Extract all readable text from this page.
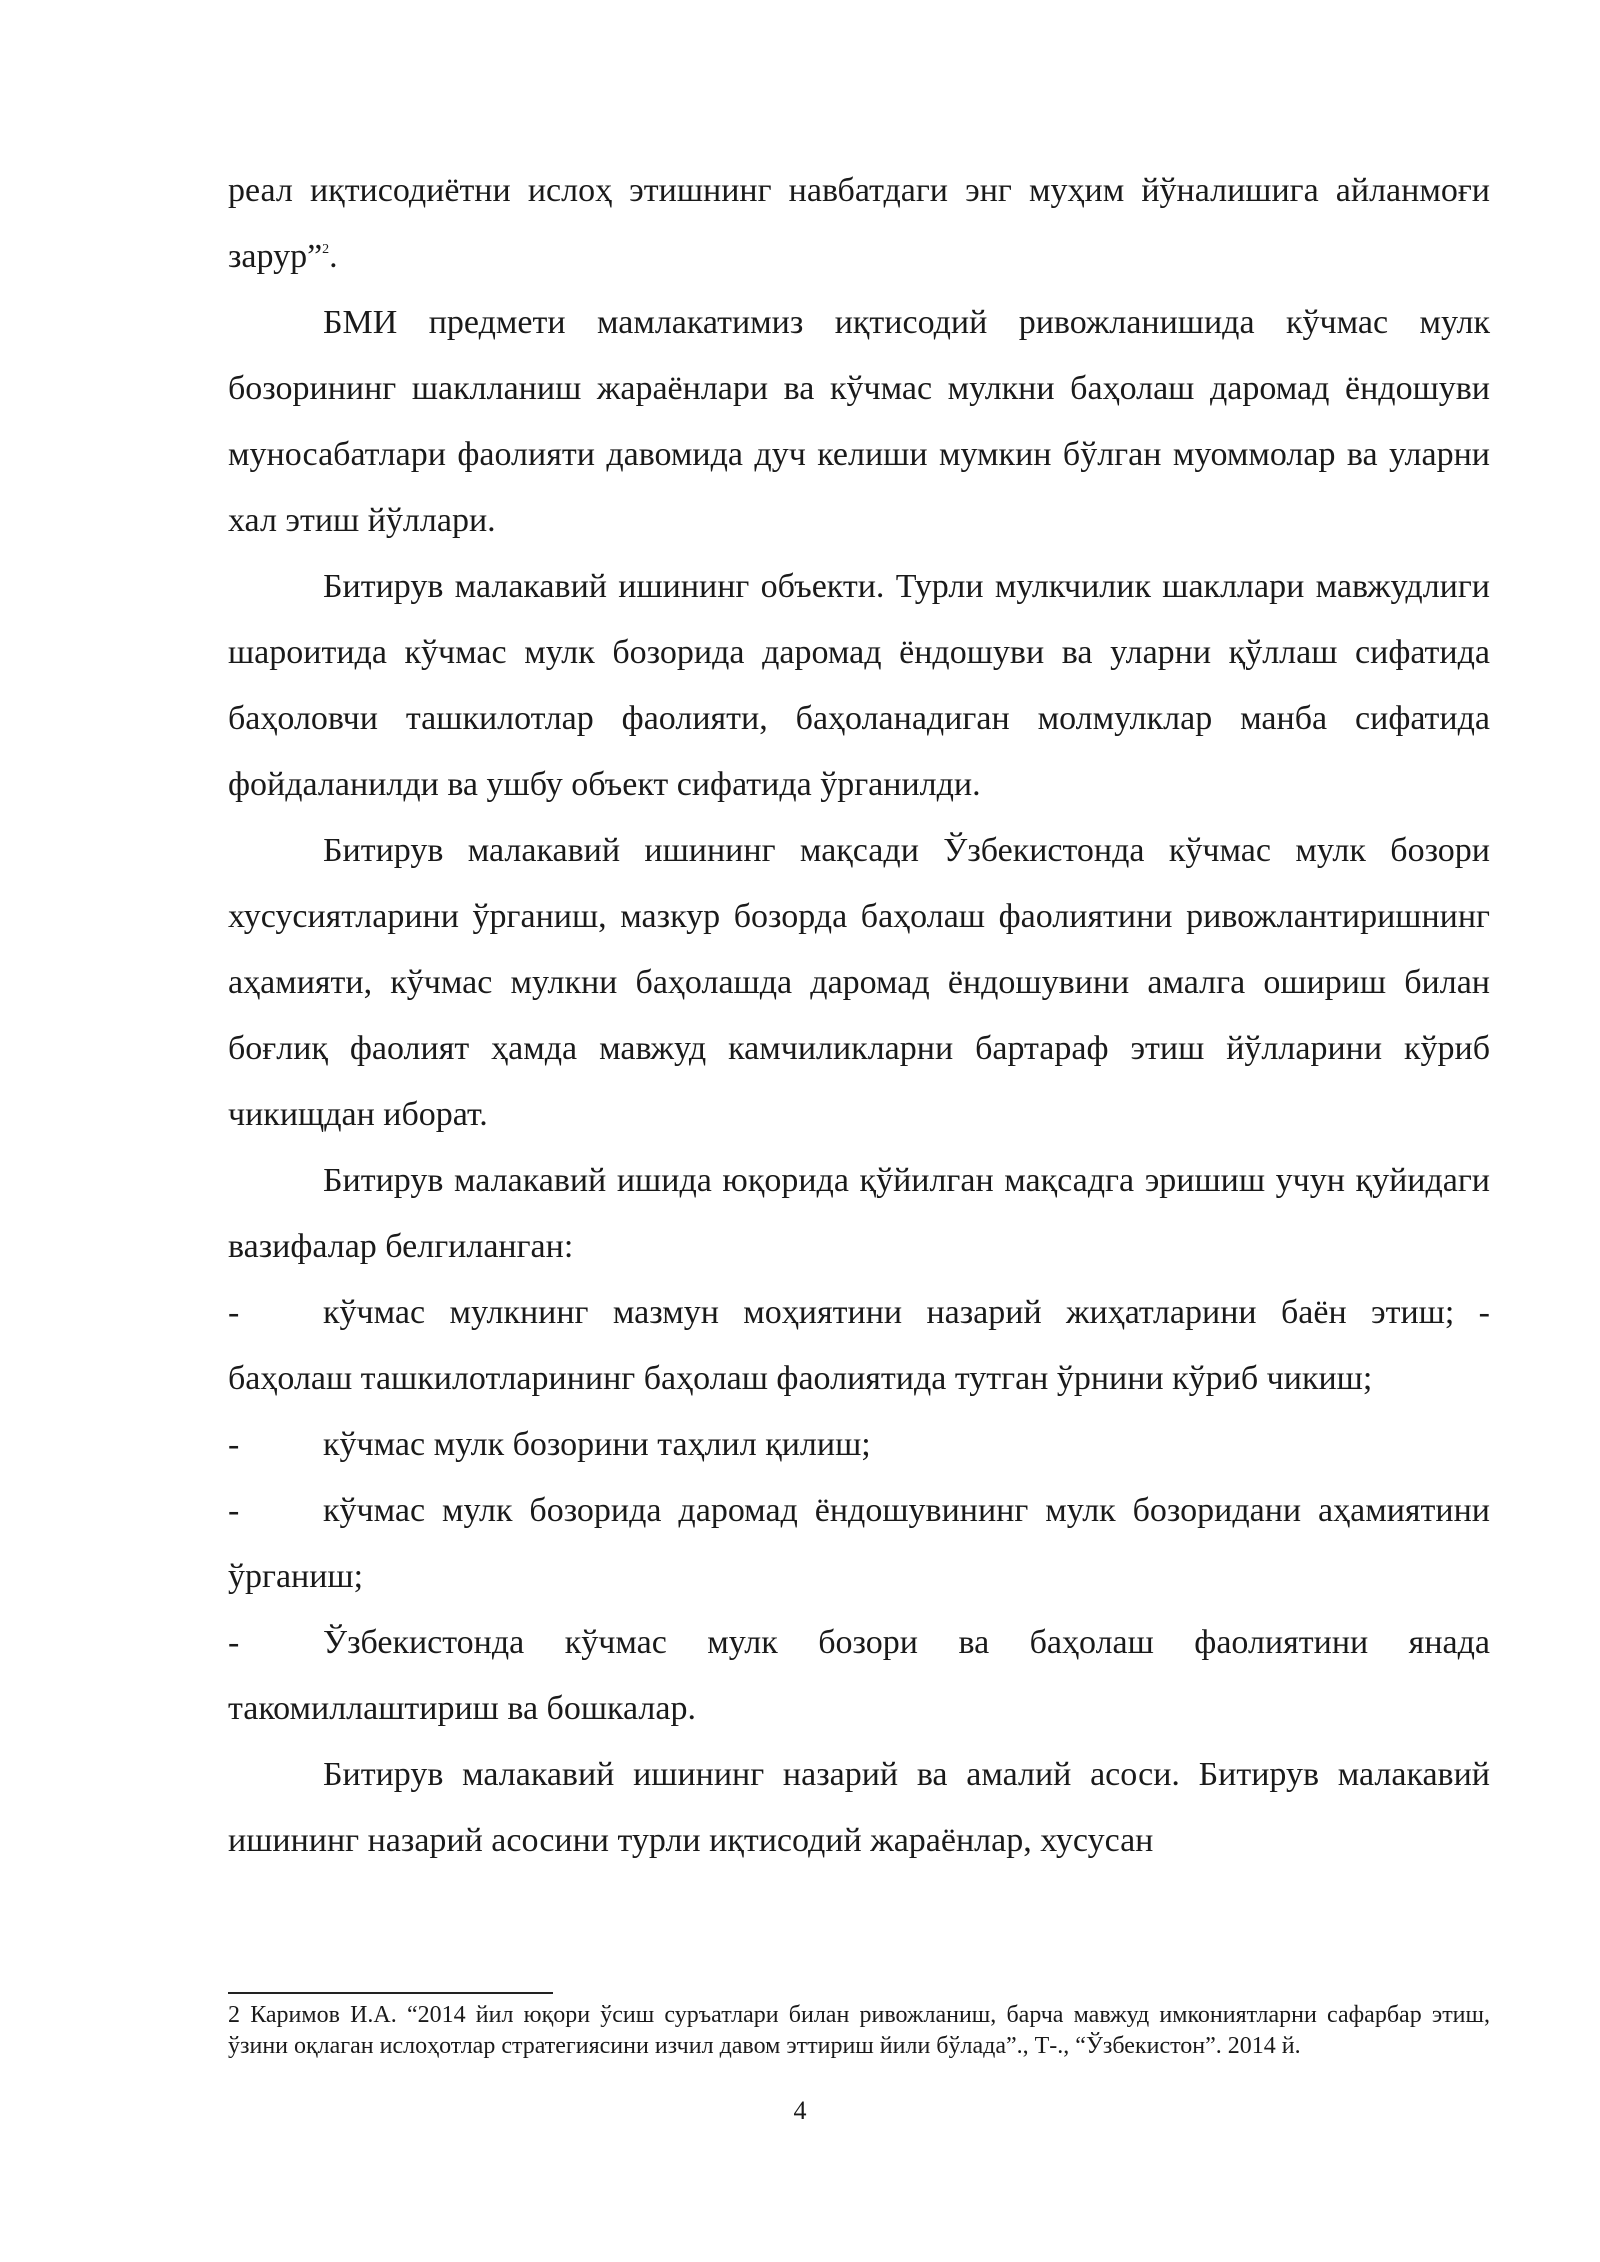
реал иқтисодиётни ислоҳ этишнинг навбатдаги энг муҳим йўналишига айланмоғи зарур”$^2$.

БМИ предмети мамлакатимиз иқтисодий ривожланишида кўчмас мулк бозорининг шаклланиш жараёнлари ва кўчмас мулкни баҳолаш даромад ёндошуви муносабатлари фаолияти давомида дуч келиши мумкин бўлган муоммолар ва уларни хал этиш йўллари.

Битирув малакавий ишининг объекти. Турли мулкчилик шакллари мавжудлиги шароитида кўчмас мулк бозорида даромад ёндошуви ва уларни қўллаш сифатида баҳоловчи ташкилотлар фаолияти, баҳоланадиган молмулклар манба сифатида фойдаланилди ва ушбу объект сифатида ўрганилди.

Битирув малакавий ишининг мақсади Ўзбекистонда кўчмас мулк бозори хусусиятларини ўрганиш, мазкур бозорда баҳолаш фаолиятини ривожлантиришнинг аҳамияти, кўчмас мулкни баҳолашда даромад ёндошувини амалга ошириш билан боғлиқ фаолият ҳамда мавжуд камчиликларни бартараф этиш йўлларини кўриб чикищдан иборат.

Битирув малакавий ишида юқорида қўйилган мақсадга эришиш учун қуйидаги вазифалар белгиланган:

- кўчмас мулкнинг мазмун моҳиятини назарий жиҳатларини баён этиш; - баҳолаш ташкилотларининг баҳолаш фаолиятида тутган ўрнини кўриб чикиш;

- кўчмас мулк бозорини таҳлил қилиш;

- кўчмас мулк бозорида даромад ёндошувининг мулк бозоридани аҳамиятини ўрганиш;

- Ўзбекистонда кўчмас мулк бозори ва баҳолаш фаолиятини янада такомиллаштириш ва бошкалар.

Битирув малакавий ишининг назарий ва амалий асоси. Битирув малакавий ишининг назарий асосини турли иқтисодий жараёнлар, хусусан

2 Каримов И.А. “2014 йил юқори ўсиш суръатлари билан ривожланиш, барча мавжуд имкониятларни сафарбар этиш, ўзини оқлаган ислоҳотлар стратегиясини изчил давом эттириш йили бўлада”., Т-., “Ўзбекистон”. 2014 й.
4
